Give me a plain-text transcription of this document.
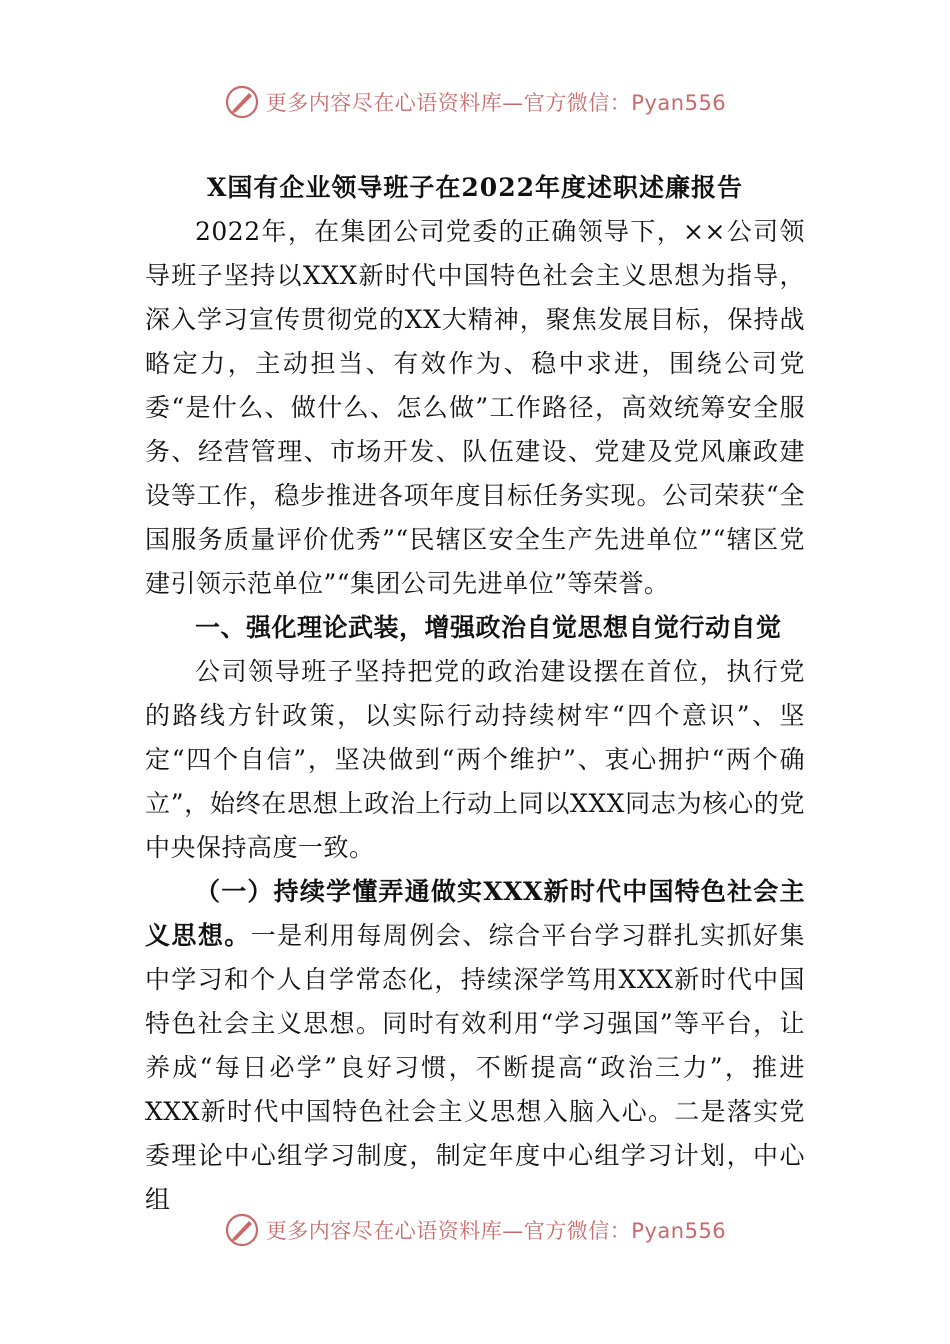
更多内容尽在心语资料库—官方微信：Pyan556
X国有企业领导班子在2022年度述职述廉报告

2022年，在集团公司党委的正确领导下，××公司领导班子坚持以XXX新时代中国特色社会主义思想为指导，深入学习宣传贯彻党的XX大精神，聚焦发展目标，保持战略定力，主动担当、有效作为、稳中求进，围绕公司党委“是什么、做什么、怎么做”工作路径，高效统筹安全服务、经营管理、市场开发、队伍建设、党建及党风廉政建设等工作，稳步推进各项年度目标任务实现。公司荣获“全国服务质量评价优秀”“民辖区安全生产先进单位”“辖区党建引领示范单位”“集团公司先进单位”等荣誉。

一、强化理论武装，增强政治自觉思想自觉行动自觉

公司领导班子坚持把党的政治建设摆在首位，执行党的路线方针政策，以实际行动持续树牢“四个意识”、坚定“四个自信”，坚决做到“两个维护”、衷心拥护“两个确立”，始终在思想上政治上行动上同以XXX同志为核心的党中央保持高度一致。

（一）持续学懂弄通做实XXX新时代中国特色社会主义思想。一是利用每周例会、综合平台学习群扎实抓好集中学习和个人自学常态化，持续深学笃用XXX新时代中国特色社会主义思想。同时有效利用“学习强国”等平台，让养成“每日必学”良好习惯，不断提高“政治三力”，推进XXX新时代中国特色社会主义思想入脑入心。二是落实党委理论中心组学习制度，制定年度中心组学习计划，中心组

更多内容尽在心语资料库—官方微信：Pyan556
